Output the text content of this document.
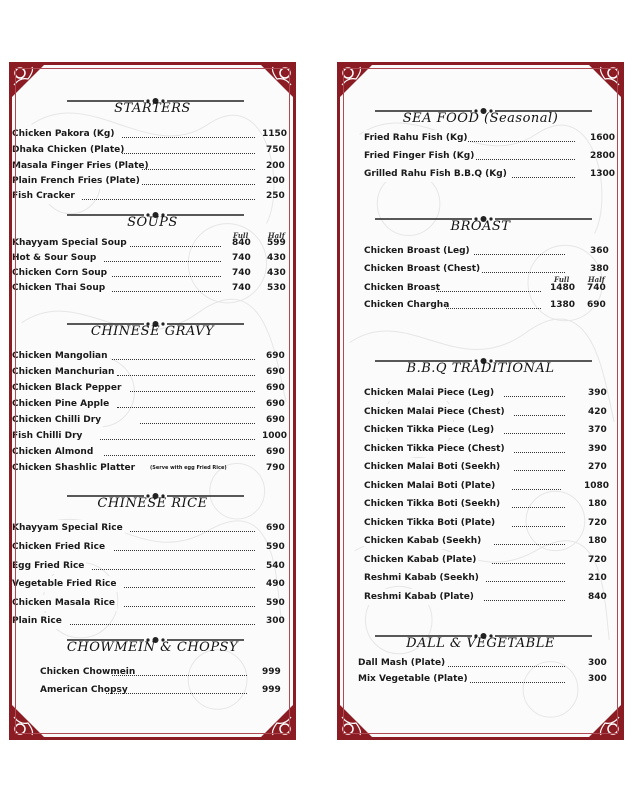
STARTERS
Chicken Pakora (Kg)	1150
Dhaka Chicken (Plate)	750
Masala Finger Fries (Plate)	200
Plain French Fries (Plate)	200
Fish Cracker	250
SOUPS
Full	Half
Khayyam Special Soup	840 599
Hot & Sour Soup	740 430
Chicken Corn Soup	740 430
Chicken Thai Soup	740 530
CHINESE GRAVY
Chicken Mangolian	690
Chicken Manchurian	690
Chicken Black Pepper	690
Chicken Pine Apple	690
Chicken Chilli Dry	690
Fish Chilli Dry	1000
Chicken Almond	690
Chicken Shashlic Platter	(Serve with egg Fried Rice)	790
CHINESE RICE
Khayyam Special Rice	690
Chicken Fried Rice	590
Egg Fried Rice	540
Vegetable Fried Rice	490
Chicken Masala Rice	590
Plain Rice	300
CHOWMEIN & CHOPSY
Chicken Chowmein	999
American Chopsy	999
SEA FOOD (Seasonal)
Fried Rahu Fish (Kg)	1600
Fried Finger Fish (Kg)	2800
Grilled Rahu Fish B.B.Q (Kg)	1300
BROAST
Chicken Broast (Leg)	360
Chicken Broast (Chest)	380
Full	Half
Chicken Broast	1480 740
Chicken Chargha	1380 690
B.B.Q TRADITIONAL
Chicken Malai Piece (Leg)	390
Chicken Malai Piece (Chest)	420
Chicken Tikka Piece (Leg)	370
Chicken Tikka Piece (Chest)	390
Chicken Malai Boti (Seekh)	270
Chicken Malai Boti (Plate)	1080
Chicken Tikka Boti (Seekh)	180
Chicken Tikka Boti (Plate)	720
Chicken Kabab (Seekh)	180
Chicken Kabab (Plate)	720
Reshmi Kabab (Seekh)	210
Reshmi Kabab (Plate)	840
DALL & VEGETABLE
Dall Mash (Plate)	300
Mix Vegetable (Plate)	300
